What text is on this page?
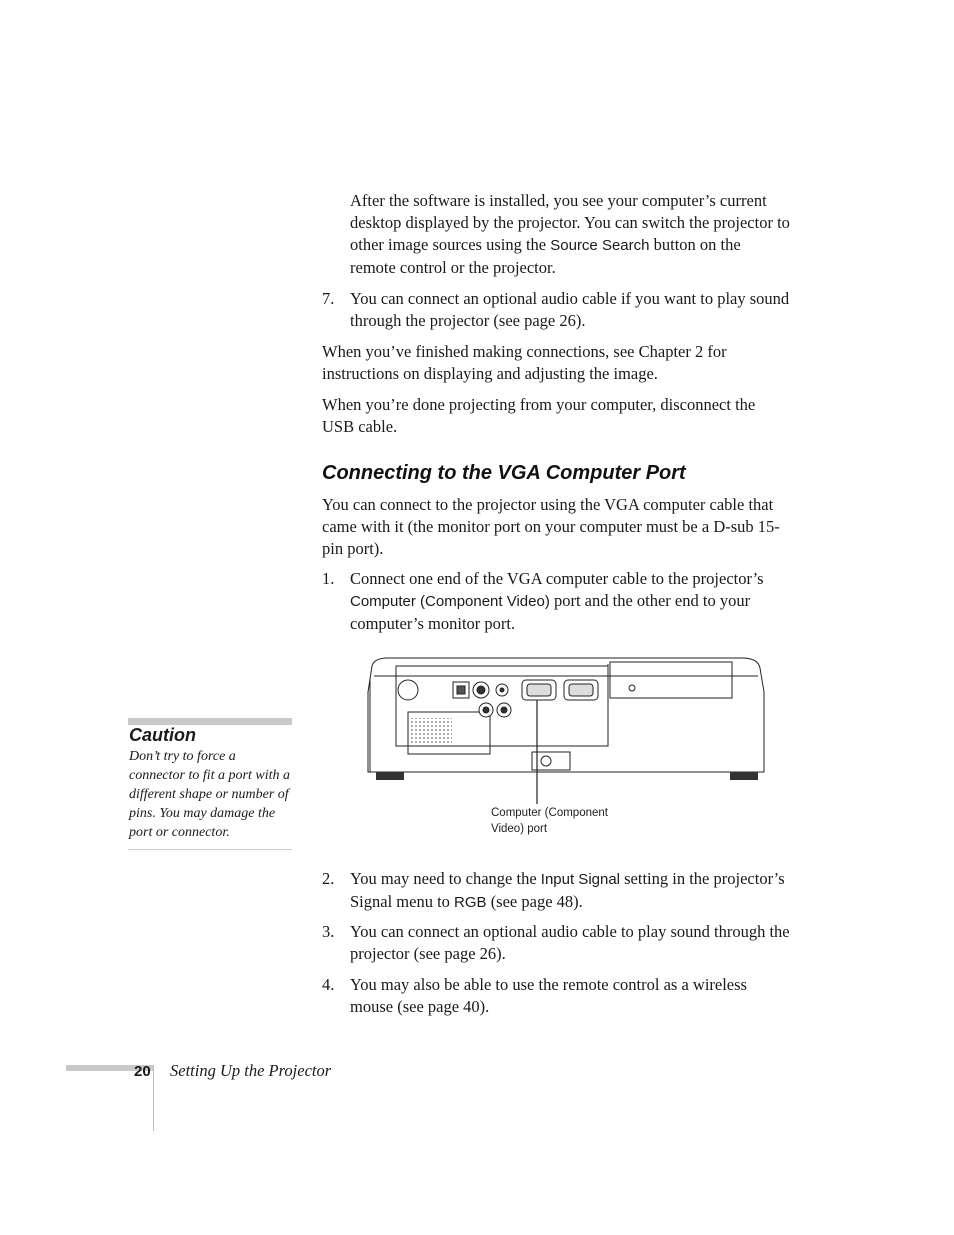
After the software is installed, you see your computer’s current desktop displayed by the projector. You can switch the projector to other image sources using the Source Search button on the remote control or the projector.
7. You can connect an optional audio cable if you want to play sound through the projector (see page 26).
When you’ve finished making connections, see Chapter 2 for instructions on displaying and adjusting the image.
When you’re done projecting from your computer, disconnect the USB cable.
Connecting to the VGA Computer Port
You can connect to the projector using the VGA computer cable that came with it (the monitor port on your computer must be a D-sub 15-pin port).
1. Connect one end of the VGA computer cable to the projector’s Computer (Component Video) port and the other end to your computer’s monitor port.
Computer (Component
Video) port
Caution
Don’t try to force a connector to fit a port with a different shape or number of pins. You may damage the port or connector.
2. You may need to change the Input Signal setting in the projector’s Signal menu to RGB (see page 48).
3. You can connect an optional audio cable to play sound through the projector (see page 26).
4. You may also be able to use the remote control as a wireless mouse (see page 40).
20 Setting Up the Projector
